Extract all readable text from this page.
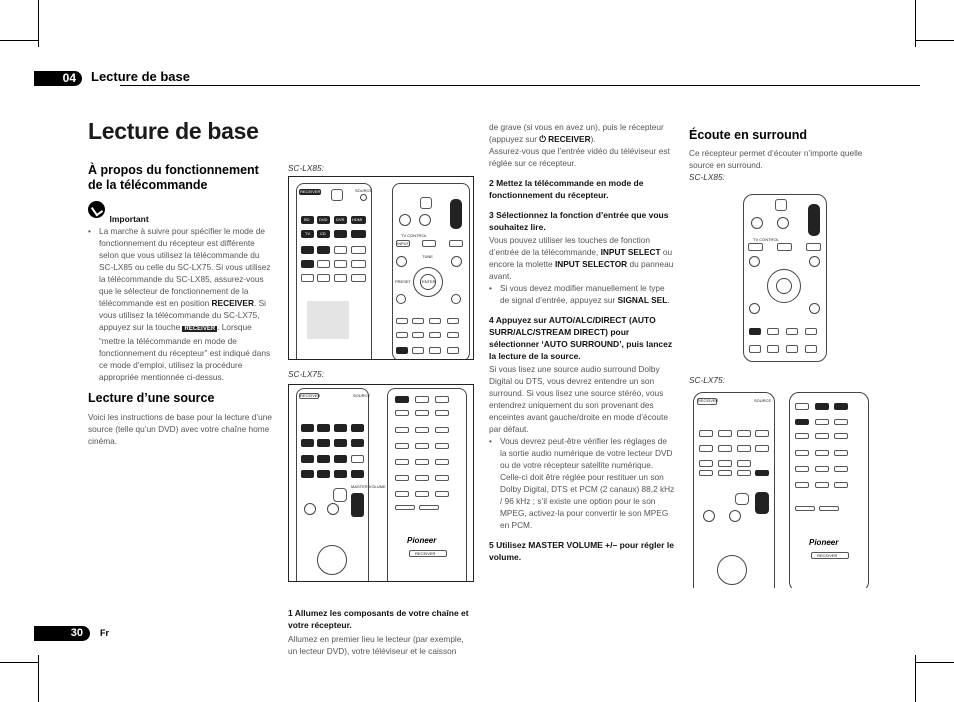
04	Lecture de base
Lecture de base
À propos du fonctionnement de la télécommande
$_{Important}$
• La marche à suivre pour spécifier le mode de fonctionnement du récepteur est différente selon que vous utilisez la télécommande du SC-LX85 ou celle du SC-LX75. Si vous utilisez la télécommande du SC-LX85, assurez-vous que le sélecteur de fonctionnement de la télécommande est en position RECEIVER. Si vous utilisez la télécommande du SC-LX75, appuyez sur la touche RECEIVER . Lorsque “mettre la télécommande en mode de fonctionnement du récepteur” est indiqué dans ce mode d’emploi, utilisez la procédure appropriée mentionnée ci-dessus.
Lecture d’une source

Voici les instructions de base pour la lecture d’une source (telle qu’un DVD) avec votre chaîne home cinéma.

SC-LX85:
RECEIVER	SOURCE
BD DVD DVR HDMI
TV CD	TV CONTROL
INPUT
TUNE
ENTER
PRESET
SC-LX75:
RECEIVER	SOURCE
MASTER VOLUME
Pioneer
RECEIVER
1 Allumez les composants de votre chaîne et votre récepteur.

Allumez en premier lieu le lecteur (par exemple, un lecteur DVD), votre téléviseur et le caisson

de grave (si vous en avez un), puis le récepteur (appuyez sur ⏻ RECEIVER).

Assurez-vous que l’entrée vidéo du téléviseur est réglée sur ce récepteur.

2 Mettez la télécommande en mode de fonctionnement du récepteur.
3 Sélectionnez la fonction d’entrée que vous souhaitez lire.

Vous pouvez utiliser les touches de fonction d’entrée de la télécommande, INPUT SELECT ou encore la molette INPUT SELECTOR du panneau avant.

• Si vous devez modifier manuellement le type de signal d’entrée, appuyez sur SIGNAL SEL.
4 Appuyez sur AUTO/ALC/DIRECT (AUTO SURR/ALC/STREAM DIRECT) pour sélectionner ‘AUTO SURROUND’, puis lancez la lecture de la source.

Si vous lisez une source audio surround Dolby Digital ou DTS, vous devrez entendre un son surround. Si vous lisez une source stéréo, vous entendrez uniquement du son provenant des enceintes avant gauche/droite en mode d’écoute par défaut.

• Vous devrez peut-être vérifier les réglages de la sortie audio numérique de votre lecteur DVD ou de votre récepteur satellite numérique. Celle-ci doit être réglée pour restituer un son Dolby Digital, DTS et PCM (2 canaux) 88,2 kHz / 96 kHz ; s’il existe une option pour le son MPEG, activez-la pour convertir le son MPEG en PCM.
5 Utilisez MASTER VOLUME +/– pour régler le volume.
Écoute en surround

Ce récepteur permet d’écouter n’importe quelle source en surround.

SC-LX85:
TV CONTROL
SC-LX75:
RECEIVER	SOURCE
Pioneer
RECEIVER
30	Fr
